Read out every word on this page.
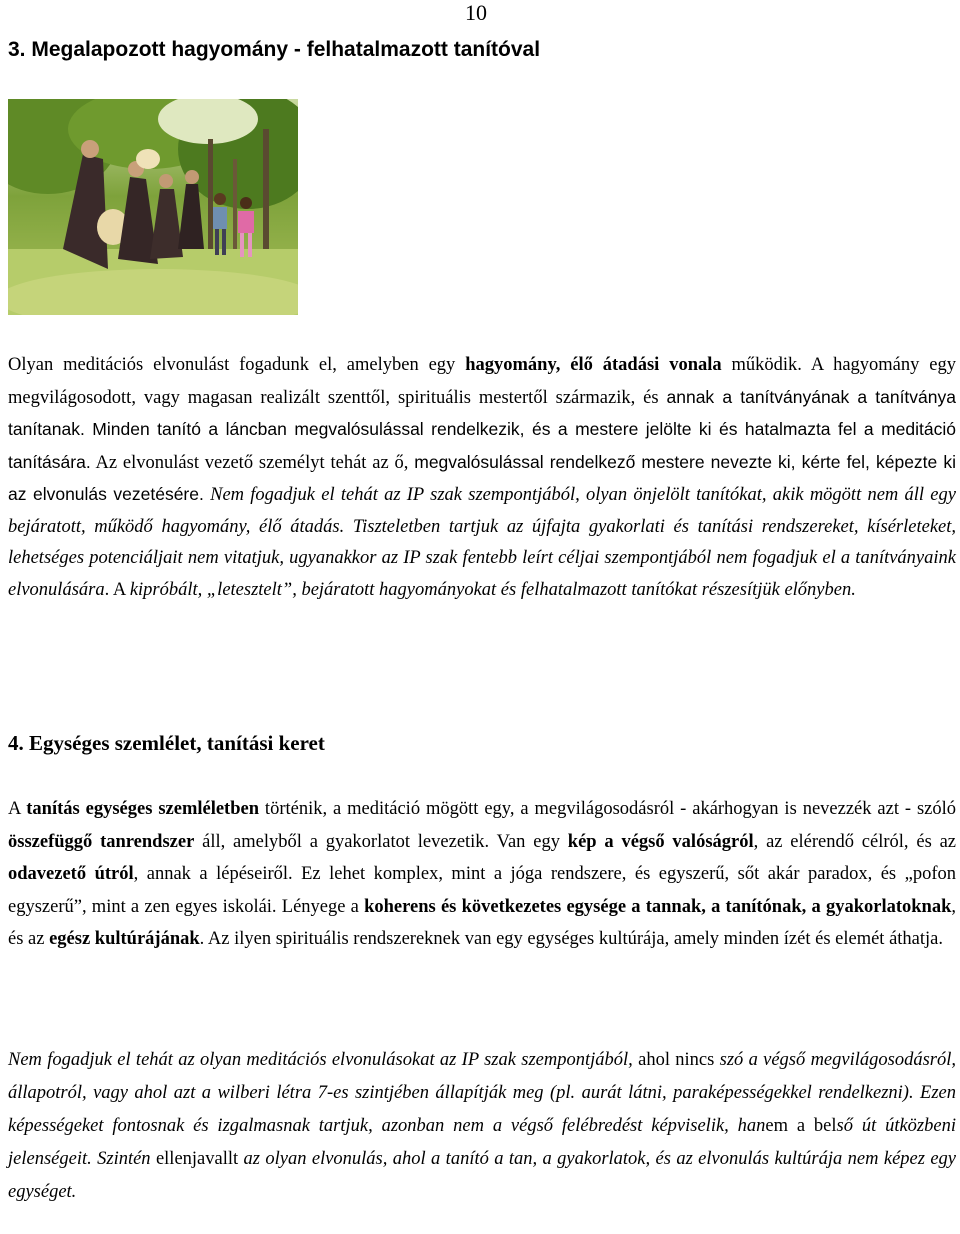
10
3. Megalapozott hagyomány - felhatalmazott tanítóval

Olyan meditációs elvonulást fogadunk el, amelyben egy hagyomány, élő átadási vonala működik. A hagyomány egy megvilágosodott, vagy magasan realizált szenttől, spirituális mestertől származik, és annak a tanítványának a tanítványa tanítanak. Minden tanító a láncban megvalósulással rendelkezik, és a mestere jelölte ki és hatalmazta fel a meditáció tanítására. Az elvonulást vezető személyt tehát az ő, megvalósulással rendelkező mestere nevezte ki, kérte fel, képezte ki az elvonulás vezetésére. Nem fogadjuk el tehát az IP szak szempontjából, olyan önjelölt tanítókat, akik mögött nem áll egy bejáratott, működő hagyomány, élő átadás. Tiszteletben tartjuk az újfajta gyakorlati és tanítási rendszereket, kísérleteket, lehetséges potenciáljait nem vitatjuk, ugyanakkor az IP szak fentebb leírt céljai szempontjából nem fogadjuk el a tanítványaink elvonulására. A kipróbált, „letesztelt”, bejáratott hagyományokat és felhatalmazott tanítókat részesítjük előnyben.

4. Egységes szemlélet, tanítási keret

A tanítás egységes szemléletben történik, a meditáció mögött egy, a megvilágosodásról - akárhogyan is nevezzék azt - szóló összefüggő tanrendszer áll, amelyből a gyakorlatot levezetik. Van egy kép a végső valóságról, az elérendő célról, és az odavezető útról, annak a lépéseiről. Ez lehet komplex, mint a jóga rendszere, és egyszerű, sőt akár paradox, és „pofon egyszerű”, mint a zen egyes iskolái. Lényege a koherens és következetes egysége a tannak, a tanítónak, a gyakorlatoknak, és az egész kultúrájának. Az ilyen spirituális rendszereknek van egy egységes kultúrája, amely minden ízét és elemét áthatja.

Nem fogadjuk el tehát az olyan meditációs elvonulásokat az IP szak szempontjából, ahol nincs szó a végső megvilágosodásról, állapotról, vagy ahol azt a wilberi létra 7-es szintjében állapítják meg (pl. aurát látni, paraképességekkel rendelkezni). Ezen képességeket fontosnak és izgalmasnak tartjuk, azonban nem a végső felébredést képviselik, hanem a belső út útközbeni jelenségeit. Szintén ellenjavallt az olyan elvonulás, ahol a tanító a tan, a gyakorlatok, és az elvonulás kultúrája nem képez egy egységet.
